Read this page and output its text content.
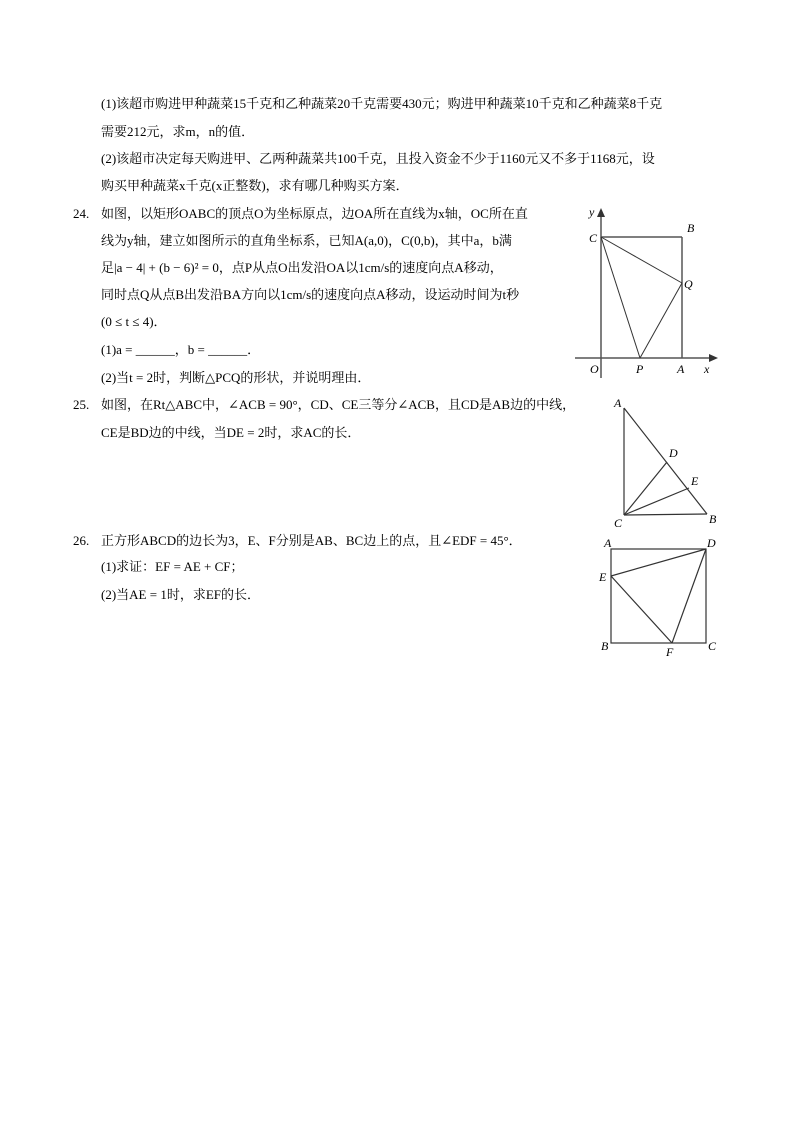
(1)该超市购进甲种蔬菜15千克和乙种蔬菜20千克需要430元；购进甲种蔬菜10千克和乙种蔬菜8千克
需要212元，求m，n的值．
(2)该超市决定每天购进甲、乙两种蔬菜共100千克，且投入资金不少于1160元又不多于1168元，设
购买甲种蔬菜x千克(x正整数)，求有哪几种购买方案．
24. 如图，以矩形OABC的顶点O为坐标原点，边OA所在直线为x轴，OC所在直
线为y轴，建立如图所示的直角坐标系，已知A(a,0)，C(0,b)，其中a，b满
足|a − 4| + (b − 6)² = 0，点P从点O出发沿OA以1cm/s的速度向点A移动，
同时点Q从点B出发沿BA方向以1cm/s的速度向点A移动，设运动时间为t秒
(0 ≤ t ≤ 4)．
(1)a = ______，b = ______．
(2)当t = 2时，判断△PCQ的形状，并说明理由．
y
x
O	P	A
B
C
Q
25. 如图，在Rt△ABC中，∠ACB = 90°，CD、CE三等分∠ACB，且CD是AB边的中线，
CE是BD边的中线，当DE = 2时，求AC的长．
A
D
E
C	B
26. 正方形ABCD的边长为3，E、F分别是AB、BC边上的点，且∠EDF = 45°．
(1)求证：EF = AE + CF；
(2)当AE = 1时，求EF的长．
A	D
E
B	F	C
